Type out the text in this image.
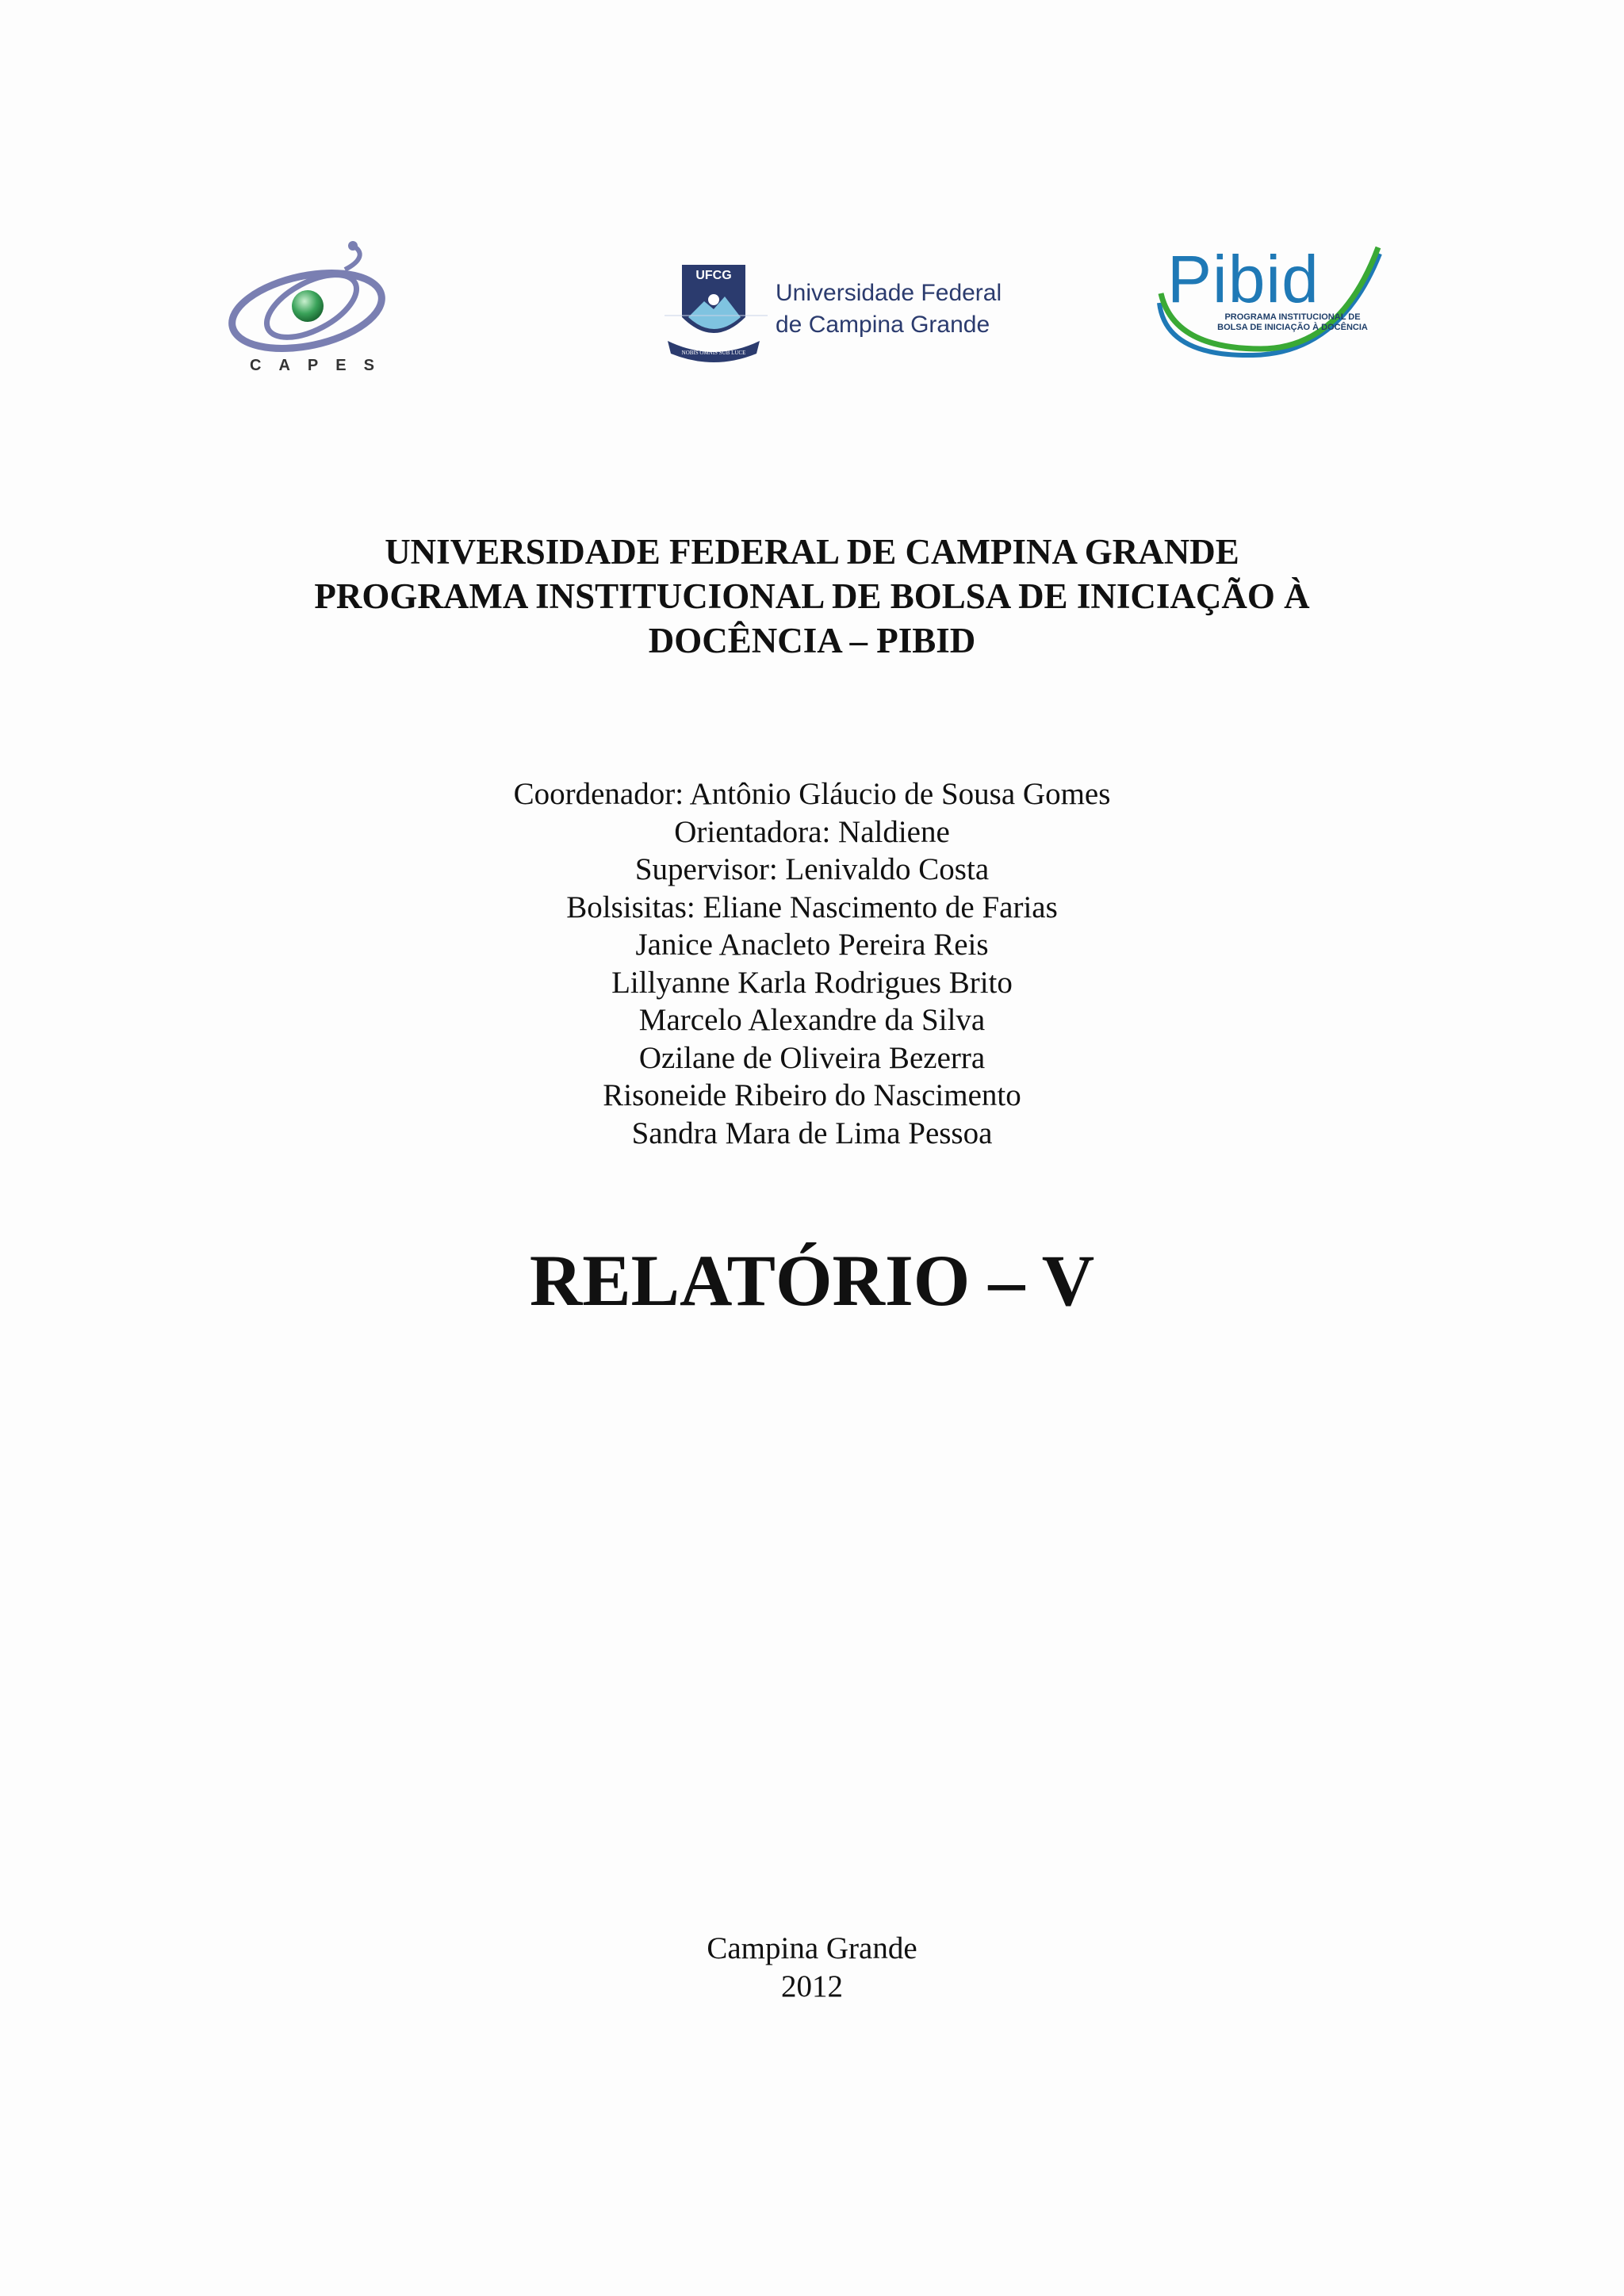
CAPES
UFCG
NOBIS OMNIS SUB LUCE
Universidade Federal
de Campina Grande
Pibid
PROGRAMA INSTITUCIONAL DE
BOLSA DE INICIAÇÃO À DOCÊNCIA
UNIVERSIDADE FEDERAL DE CAMPINA GRANDE
PROGRAMA INSTITUCIONAL DE BOLSA DE INICIAÇÃO À
DOCÊNCIA – PIBID
Coordenador: Antônio Gláucio de Sousa Gomes
Orientadora: Naldiene
Supervisor: Lenivaldo Costa
Bolsisitas: Eliane Nascimento de Farias
Janice Anacleto Pereira Reis
Lillyanne Karla Rodrigues Brito
Marcelo Alexandre da Silva
Ozilane de Oliveira Bezerra
Risoneide Ribeiro do Nascimento
Sandra Mara de Lima Pessoa
RELATÓRIO – V
Campina Grande
2012
